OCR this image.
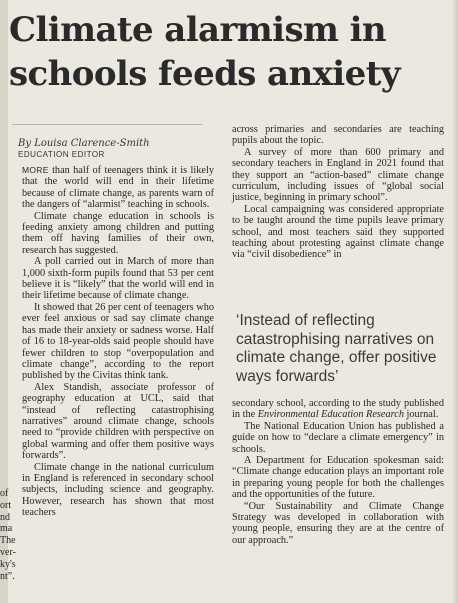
Climate alarmism in schools feeds anxiety
By Louisa Clarence-Smith
EDUCATION EDITOR

MORE than half of teenagers think it is likely that the world will end in their lifetime because of climate change, as parents warn of the dangers of “alarmist” teaching in schools.

Climate change education in schools is feeding anxiety among children and putting them off having families of their own, research has suggested.

A poll carried out in March of more than 1,000 sixth-form pupils found that 53 per cent believe it is “likely” that the world will end in their lifetime because of climate change.

It showed that 26 per cent of teenagers who ever feel anxious or sad say climate change has made their anxiety or sadness worse. Half of 16 to 18-year-olds said people should have fewer children to stop “overpopulation and climate change”, according to the report published by the Civitas think tank.

Alex Standish, associate professor of geography education at UCL, said that “instead of reflecting catastrophising narratives” around climate change, schools need to “provide children with perspective on global warming and offer them positive ways forwards”.

Climate change in the national curriculum in England is referenced in secondary school subjects, including science and geography. However, research has shown that most teachers

across primaries and secondaries are teaching pupils about the topic.

A survey of more than 600 primary and secondary teachers in England in 2021 found that they support an “action-based” climate change curriculum, including issues of “global social justice, beginning in primary school”.

Local campaigning was considered appropriate to be taught around the time pupils leave primary school, and most teachers said they supported teaching about protesting against climate change via “civil disobedience” in

‘Instead of reflecting catastrophising narratives on climate change, offer positive ways forwards’

secondary school, according to the study published in the Environmental Education Research journal.

The National Education Union has published a guide on how to “declare a climate emergency” in schools.

A Department for Education spokesman said: “Climate change education plays an important role in preparing young people for both the challenges and the opportunities of the future.

“Our Sustainability and Climate Change Strategy was developed in collaboration with young people, ensuring they are at the centre of our approach.”

of
ort
nd
ma
The
ver-
ky's
nt”.
